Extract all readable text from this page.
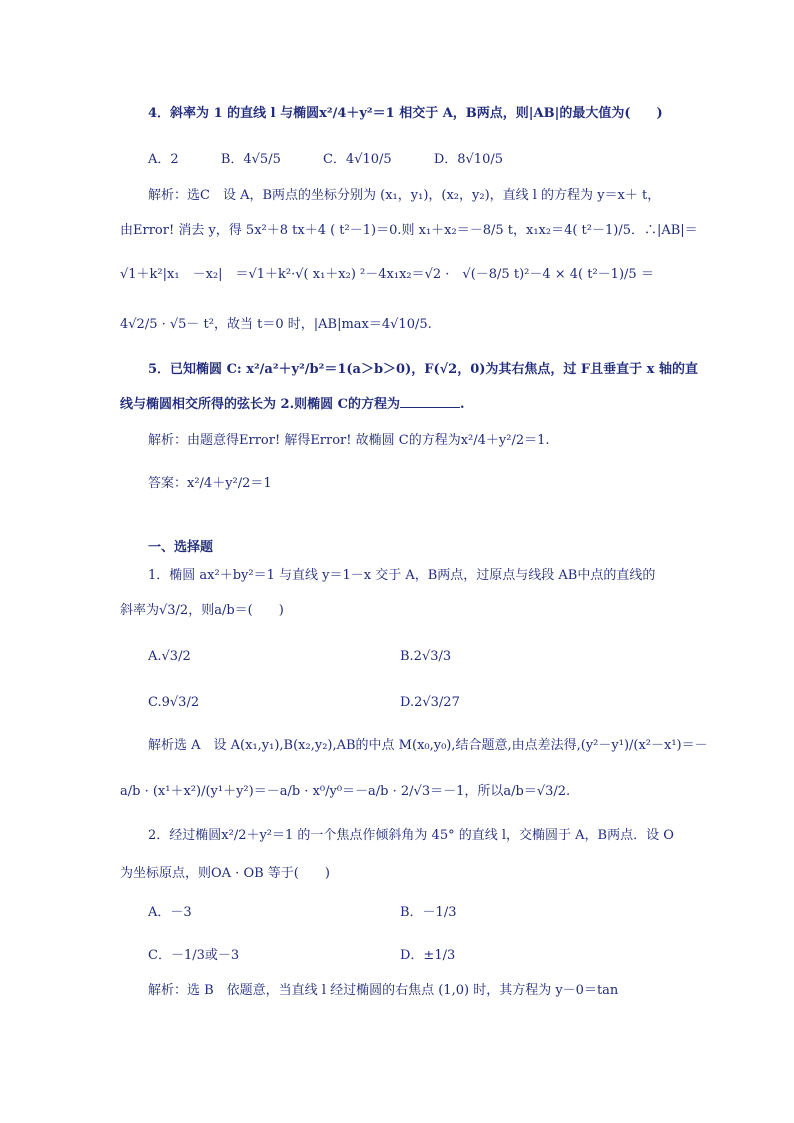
4．斜率为 1 的直线 l 与椭圆x²/4＋y²＝1 相交于 A，B两点，则|AB|的最大值为(　　)
A．2	B．4√5/5	C．4√10/5	D．8√10/5
解析：选C　设 A，B两点的坐标分别为 (x₁，y₁)，(x₂，y₂)，直线 l 的方程为 y＝x＋ t，
由Error! 消去 y，得 5x²＋8 tx＋4 ( t²－1)＝0.则 x₁＋x₂＝－8/5 t，x₁x₂＝4( t²－1)/5．∴|AB|＝
√1＋k²|x₁　－x₂|　＝√1＋k²·√( x₁＋x₂) ²－4x₁x₂＝√2 ·　√(－8/5 t)²－4 × 4( t²－1)/5 ＝
4√2/5 · √5－ t²，故当 t＝0 时，|AB|max＝4√10/5.
5．已知椭圆 C: x²/a²＋y²/b²＝1(a＞b＞0)，F(√2，0)为其右焦点，过 F且垂直于 x 轴的直
线与椭圆相交所得的弦长为 2.则椭圆 C的方程为	.
解析：由题意得Error! 解得Error! 故椭圆 C的方程为x²/4＋y²/2＝1.
答案：x²/4＋y²/2＝1
一、选择题
1．椭圆 ax²＋by²＝1 与直线 y＝1－x 交于 A，B两点，过原点与线段 AB中点的直线的
斜率为√3/2，则a/b＝(　　)
A.√3/2	B.2√3/3
C.9√3/2	D.2√3/27
解析选 A　设 A(x₁,y₁),B(x₂,y₂),AB的中点 M(x₀,y₀),结合题意,由点差法得,(y²－y¹)/(x²－x¹)＝－
a/b · (x¹＋x²)/(y¹＋y²)＝－a/b · x⁰/y⁰＝－a/b · 2/√3＝－1，所以a/b＝√3/2.
2．经过椭圆x²/2＋y²＝1 的一个焦点作倾斜角为 45° 的直线 l，交椭圆于 A，B两点．设 O
为坐标原点，则OA · OB 等于(　　)
A．－3	B．－1/3
C．－1/3或－3	D．±1/3
解析：选 B　依题意，当直线 l 经过椭圆的右焦点 (1,0) 时，其方程为 y－0＝tan
